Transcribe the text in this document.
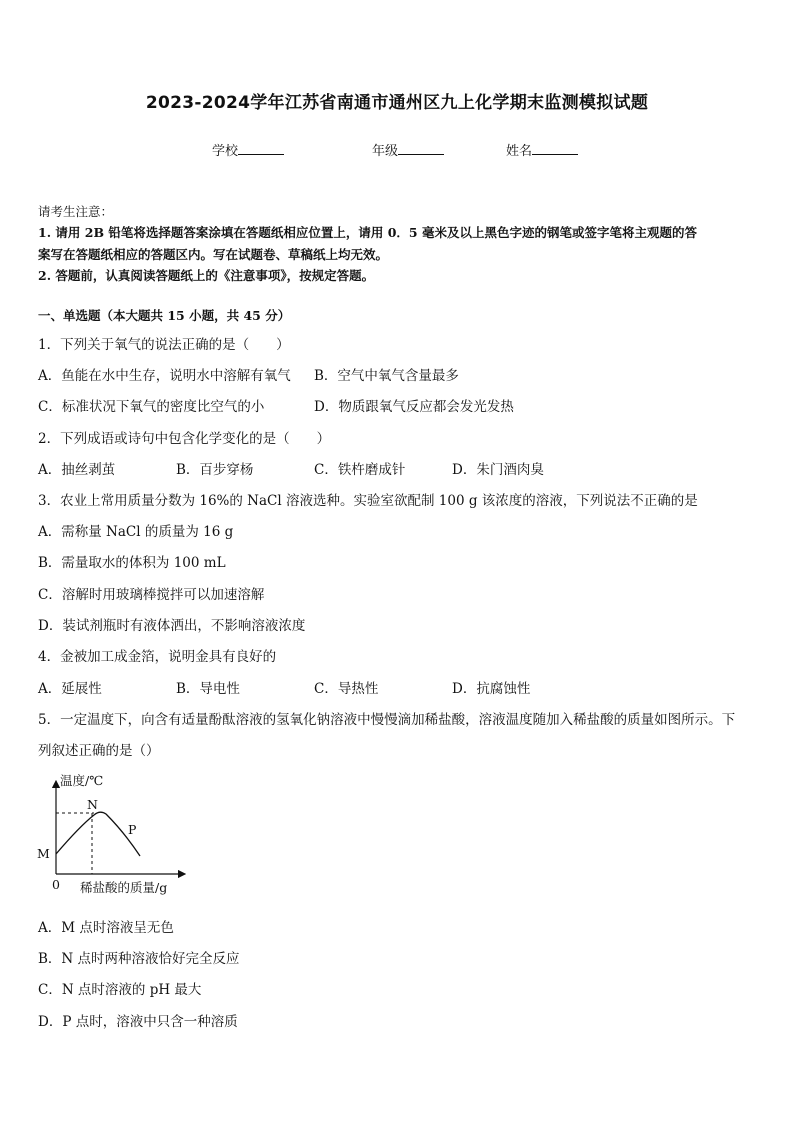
2023-2024学年江苏省南通市通州区九上化学期末监测模拟试题
学校	年级	姓名
请考生注意：
1. 请用 2B 铅笔将选择题答案涂填在答题纸相应位置上，请用 0．5 毫米及以上黑色字迹的钢笔或签字笔将主观题的答
案写在答题纸相应的答题区内。写在试题卷、草稿纸上均无效。
2. 答题前，认真阅读答题纸上的《注意事项》，按规定答题。
一、单选题（本大题共 15 小题，共 45 分）
1．下列关于氧气的说法正确的是（　　）
A．鱼能在水中生存，说明水中溶解有氧气 B．空气中氧气含量最多
C．标准状况下氧气的密度比空气的小	D．物质跟氧气反应都会发光发热
2．下列成语或诗句中包含化学变化的是（　　）
A．抽丝剥茧	B．百步穿杨	C．铁杵磨成针	D．朱门酒肉臭
3．农业上常用质量分数为 16%的 NaCl 溶液选种。实验室欲配制 100 g 该浓度的溶液，下列说法不正确的是
A．需称量 NaCl 的质量为 16 g
B．需量取水的体积为 100 mL
C．溶解时用玻璃棒搅拌可以加速溶解
D．装试剂瓶时有液体洒出，不影响溶液浓度
4．金被加工成金箔，说明金具有良好的
A．延展性	B．导电性	C．导热性	D．抗腐蚀性
5．一定温度下，向含有适量酚酞溶液的氢氧化钠溶液中慢慢滴加稀盐酸，溶液温度随加入稀盐酸的质量如图所示。下
列叙述正确的是（）
温度/℃
N
P
M
0 稀盐酸的质量/g
A．M 点时溶液呈无色
B．N 点时两种溶液恰好完全反应
C．N 点时溶液的 pH 最大
D．P 点时，溶液中只含一种溶质
